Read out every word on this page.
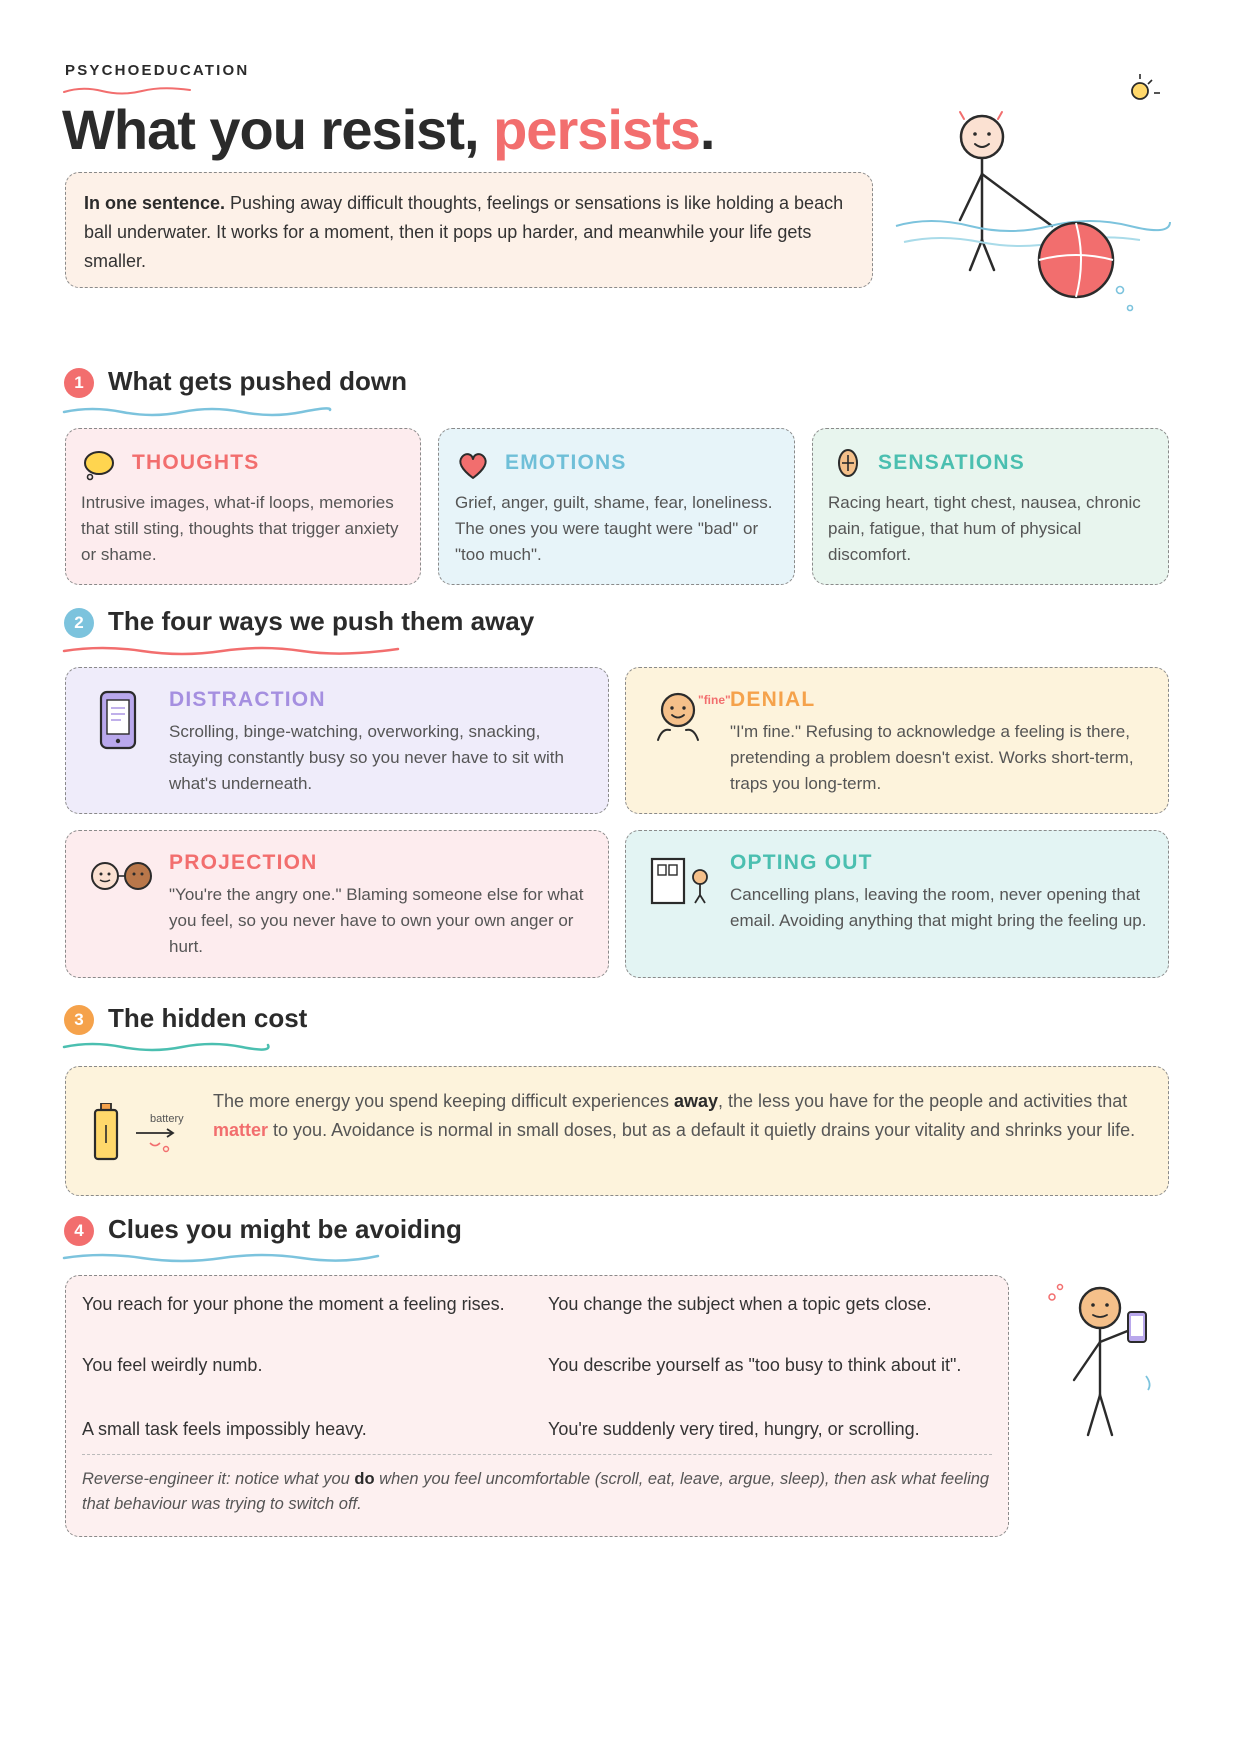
PSYCHOEDUCATION
What you resist, persists.
In one sentence. Pushing away difficult thoughts, feelings or sensations is like holding a beach ball underwater. It works for a moment, then it pops up harder, and meanwhile your life gets smaller.
1 What gets pushed down
THOUGHTS
Intrusive images, what-if loops, memories that still sting, thoughts that trigger anxiety or shame.
EMOTIONS
Grief, anger, guilt, shame, fear, loneliness. The ones you were taught were "bad" or "too much".
SENSATIONS
Racing heart, tight chest, nausea, chronic pain, fatigue, that hum of physical discomfort.
2 The four ways we push them away
DISTRACTION
Scrolling, binge-watching, overworking, snacking, staying constantly busy so you never have to sit with what's underneath.
"fine" DENIAL
"I'm fine." Refusing to acknowledge a feeling is there, pretending a problem doesn't exist. Works short-term, traps you long-term.
PROJECTION
"You're the angry one." Blaming someone else for what you feel, so you never have to own your own anger or hurt.
OPTING OUT
Cancelling plans, leaving the room, never opening that email. Avoiding anything that might bring the feeling up.
3 The hidden cost
battery
The more energy you spend keeping difficult experiences away, the less you have for the people and activities that matter to you. Avoidance is normal in small doses, but as a default it quietly drains your vitality and shrinks your life.
4 Clues you might be avoiding
You reach for your phone the moment a feeling rises.	You change the subject when a topic gets close.
You feel weirdly numb.	You describe yourself as "too busy to think about it".
A small task feels impossibly heavy.	You're suddenly very tired, hungry, or scrolling.
Reverse-engineer it: notice what you do when you feel uncomfortable (scroll, eat, leave, argue, sleep), then ask what feeling that behaviour was trying to switch off.
